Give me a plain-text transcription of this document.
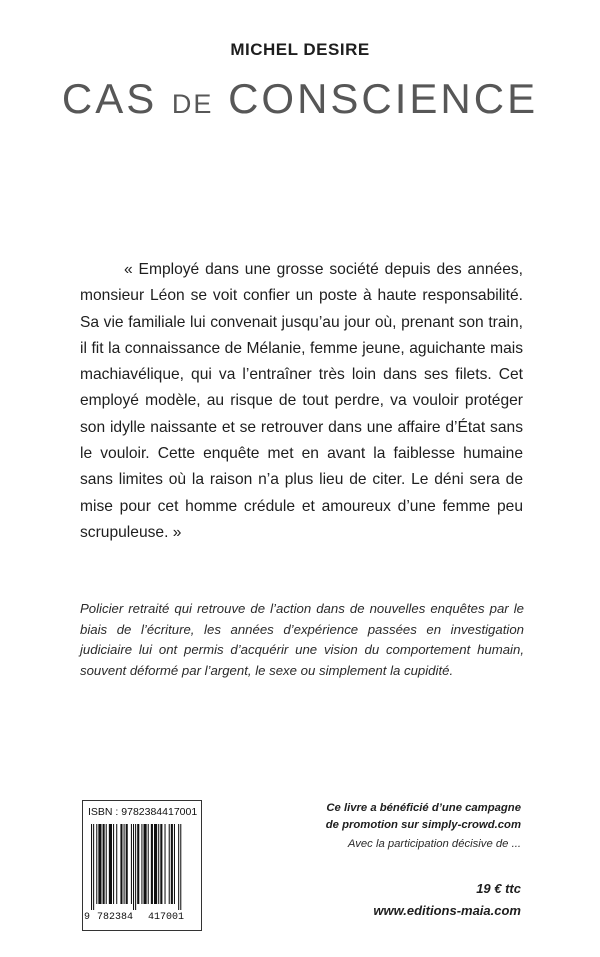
MICHEL DESIRE
CAS DE CONSCIENCE

« Employé dans une grosse société depuis des années, monsieur Léon se voit confier un poste à haute responsabilité. Sa vie familiale lui convenait jusqu’au jour où, prenant son train, il fit la connaissance de Mélanie, femme jeune, aguichante mais machiavélique, qui va l’entraîner très loin dans ses filets. Cet employé modèle, au risque de tout perdre, va vouloir protéger son idylle naissante et se retrouver dans une affaire d’État sans le vouloir. Cette enquête met en avant la faiblesse humaine sans limites où la raison n’a plus lieu de citer. Le déni sera de mise pour cet homme crédule et amoureux d’une femme peu scrupuleuse. »

Policier retraité qui retrouve de l’action dans de nouvelles enquêtes par le biais de l’écriture, les années d’expérience passées en investigation judiciaire lui ont permis d’acquérir une vision du comportement humain, souvent déformé par l’argent, le sexe ou simplement la cupidité.

ISBN : 9782384417001
9 782384 417001
Ce livre a bénéficié d’une campagne
de promotion sur simply-crowd.com
Avec la participation décisive de ...
19 € ttc
www.editions-maia.com
